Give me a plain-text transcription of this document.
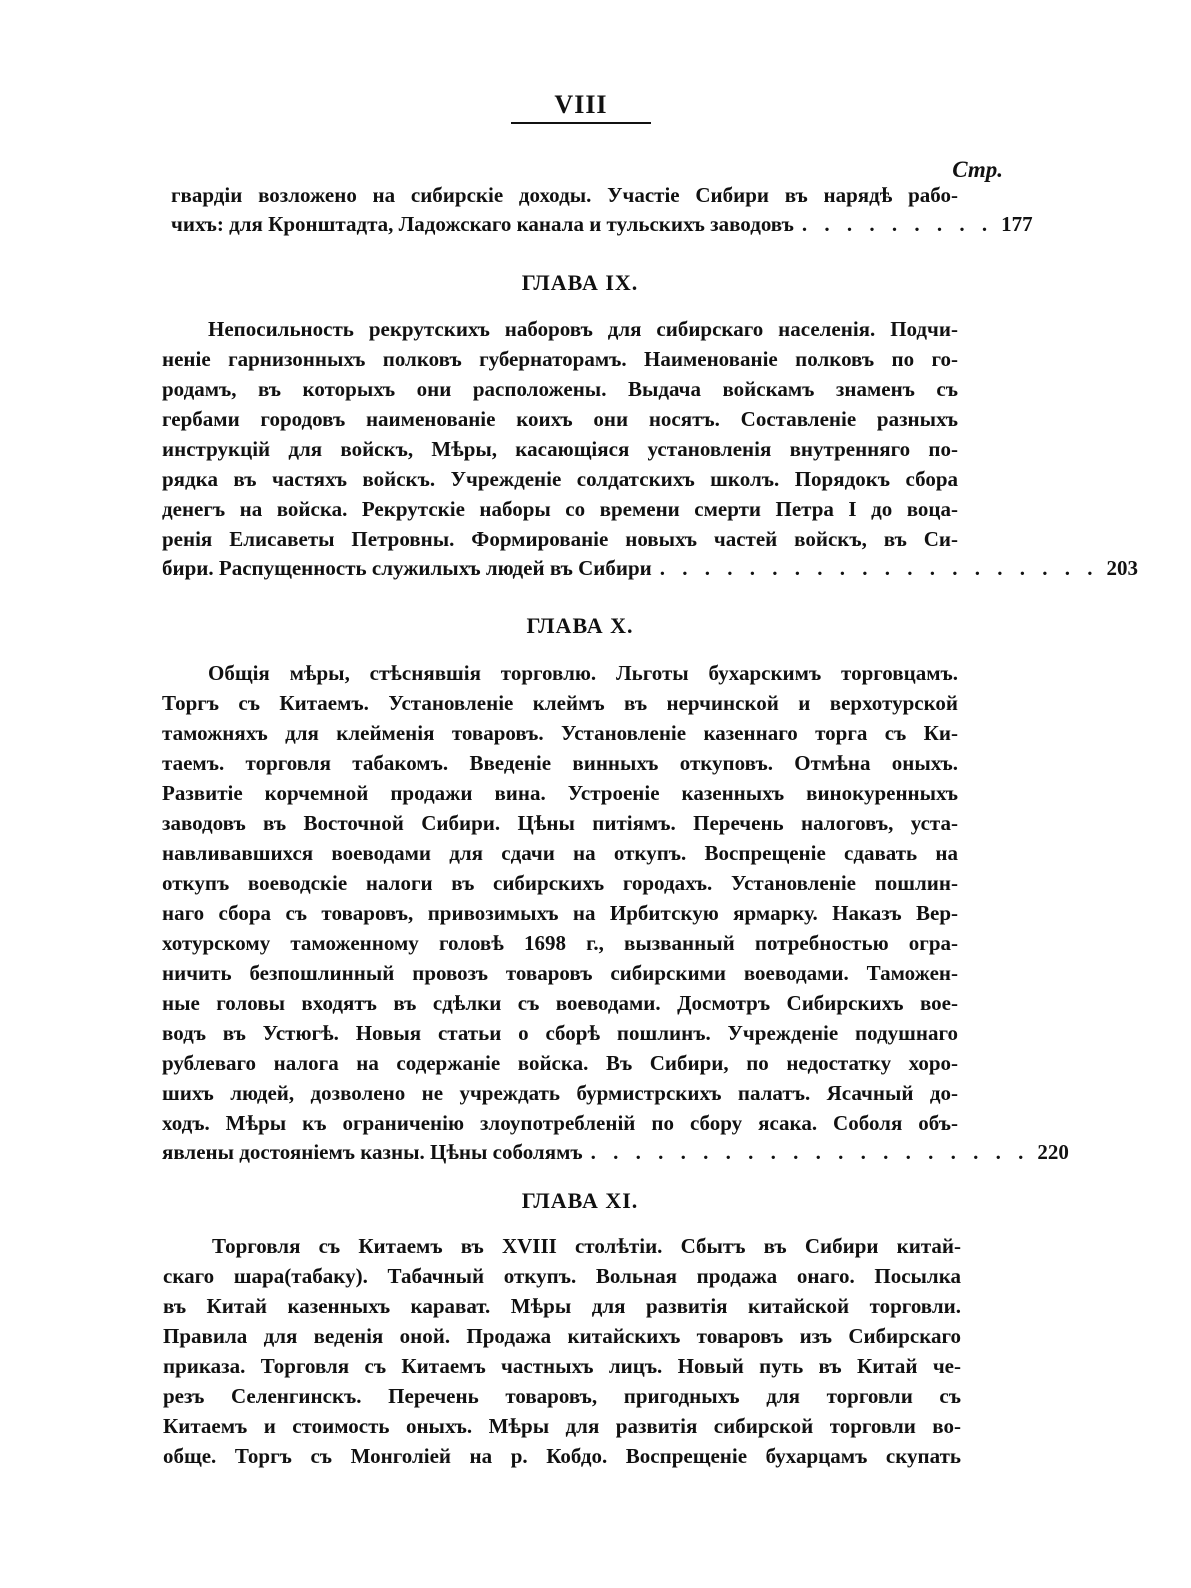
VIII
Стр.
гвардіи возложено на сибирскіе доходы. Участіе Сибири въ нарядѣ рабо-
чихъ: для Кронштадта, Ладожскаго канала и тульскихъ заводовъ . . . . . . . . . 177
ГЛАВА IX.
Непосильность рекрутскихъ наборовъ для сибирскаго населенія. Подчи-
неніе гарнизонныхъ полковъ губернаторамъ. Наименованіе полковъ по го-
родамъ, въ которыхъ они расположены. Выдача войскамъ знаменъ съ
гербами городовъ наименованіе коихъ они носятъ. Составленіе разныхъ
инструкцій для войскъ, Мѣры, касающіяся установленія внутренняго по-
рядка въ частяхъ войскъ. Учрежденіе солдатскихъ школъ. Порядокъ сбора
денегъ на войска. Рекрутскіе наборы со времени смерти Петра I до воца-
ренія Елисаветы Петровны. Формированіе новыхъ частей войскъ, въ Си-
бири. Распущенность служилыхъ людей въ Сибири . . . . . . . . . . . . . . . . . . . . 203
ГЛАВА X.
Общія мѣры, стѣснявшія торговлю. Льготы бухарскимъ торговцамъ.
Торгъ съ Китаемъ. Установленіе клеймъ въ нерчинской и верхотурской
таможняхъ для клейменія товаровъ. Установленіе казеннаго торга съ Ки-
таемъ. торговля табакомъ. Введеніе винныхъ откуповъ. Отмѣна оныхъ.
Развитіе корчемной продажи вина. Устроеніе казенныхъ винокуренныхъ
заводовъ въ Восточной Сибири. Цѣны питіямъ. Перечень налоговъ, уста-
навливавшихся воеводами для сдачи на откупъ. Воспрещеніе сдавать на
откупъ воеводскіе налоги въ сибирскихъ городахъ. Установленіе пошлин-
наго сбора съ товаровъ, привозимыхъ на Ирбитскую ярмарку. Наказъ Вер-
хотурскому таможенному головѣ 1698 г., вызванный потребностью огра-
ничить безпошлинный провозъ товаровъ сибирскими воеводами. Таможен-
ные головы входятъ въ сдѣлки съ воеводами. Досмотръ Сибирскихъ вое-
водъ въ Устюгѣ. Новыя статьи о сборѣ пошлинъ. Учрежденіе подушнаго
рублеваго налога на содержаніе войска. Въ Сибири, по недостатку хоро-
шихъ людей, дозволено не учреждать бурмистрскихъ палатъ. Ясачный до-
ходъ. Мѣры къ ограниченію злоупотребленій по сбору ясака. Соболя объ-
явлены достояніемъ казны. Цѣны соболямъ . . . . . . . . . . . . . . . . . . . . 220
ГЛАВА XI.
Торговля съ Китаемъ въ XVIII столѣтіи. Сбытъ въ Сибири китай-
скаго шара(табаку). Табачный откупъ. Вольная продажа онаго. Посылка
въ Китай казенныхъ карават. Мѣры для развитія китайской торговли.
Правила для веденія оной. Продажа китайскихъ товаровъ изъ Сибирскаго
приказа. Торговля съ Китаемъ частныхъ лицъ. Новый путь въ Китай че-
резъ Селенгинскъ. Перечень товаровъ, пригодныхъ для торговли съ
Китаемъ и стоимость оныхъ. Мѣры для развитія сибирской торговли во-
обще. Торгъ съ Монголіей на р. Кобдо. Воспрещеніе бухарцамъ скупать
